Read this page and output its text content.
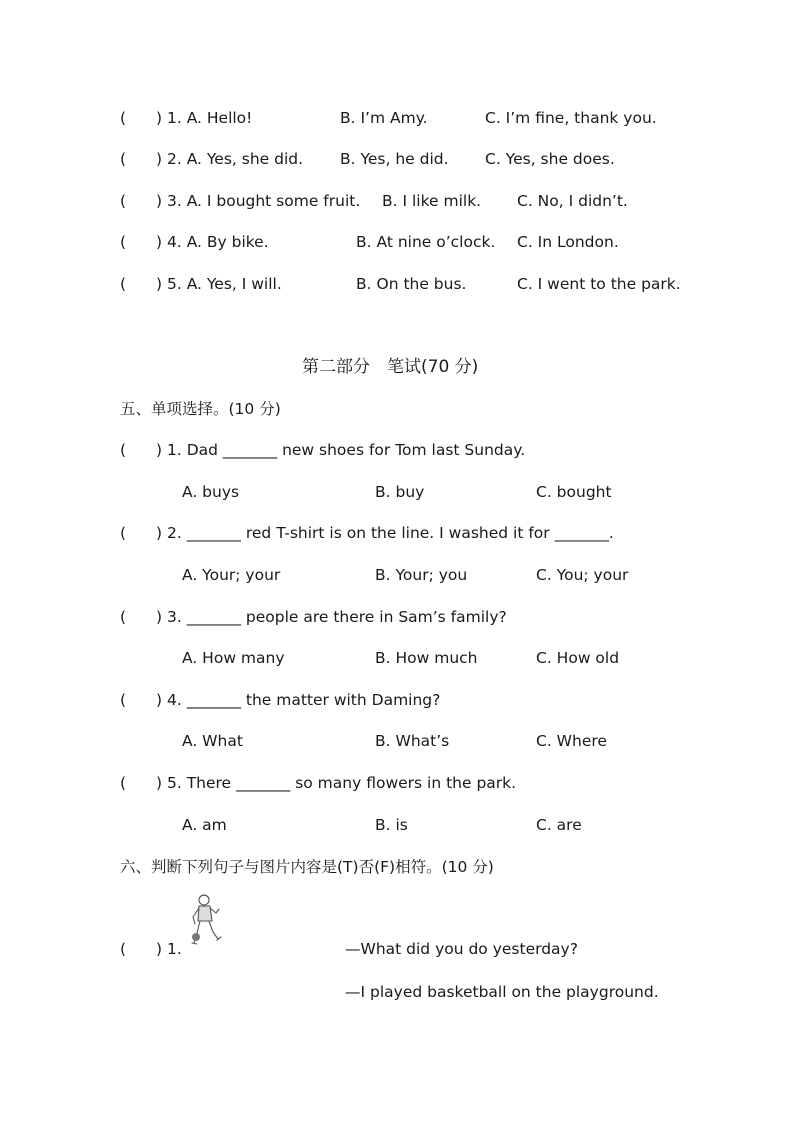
( ) 1. A. Hello!	B. I’m Amy.	C. I’m fine, thank you.
( ) 2. A. Yes, she did. B. Yes, he did. C. Yes, she does.
( ) 3. A. I bought some fruit. B. I like milk. C. No, I didn’t.
( ) 4. A. By bike.	B. At nine o’clock. C. In London.
( ) 5. A. Yes, I will.	B. On the bus.	C. I went to the park.
第二部分　笔试(70 分)
五、单项选择。(10 分)
( ) 1. Dad _______ new shoes for Tom last Sunday.
A. buys	B. buy	C. bought
( ) 2. _______ red T-shirt is on the line. I washed it for _______.
A. Your; your	B. Your; you	C. You; your
( ) 3. _______ people are there in Sam’s family?
A. How many	B. How much	C. How old
( ) 4. _______ the matter with Daming?
A. What	B. What’s	C. Where
( ) 5. There _______ so many flowers in the park.
A. am	B. is	C. are
六、判断下列句子与图片内容是(T)否(F)相符。(10 分)
( ) 1.	—What did you do yesterday?
—I played basketball on the playground.
